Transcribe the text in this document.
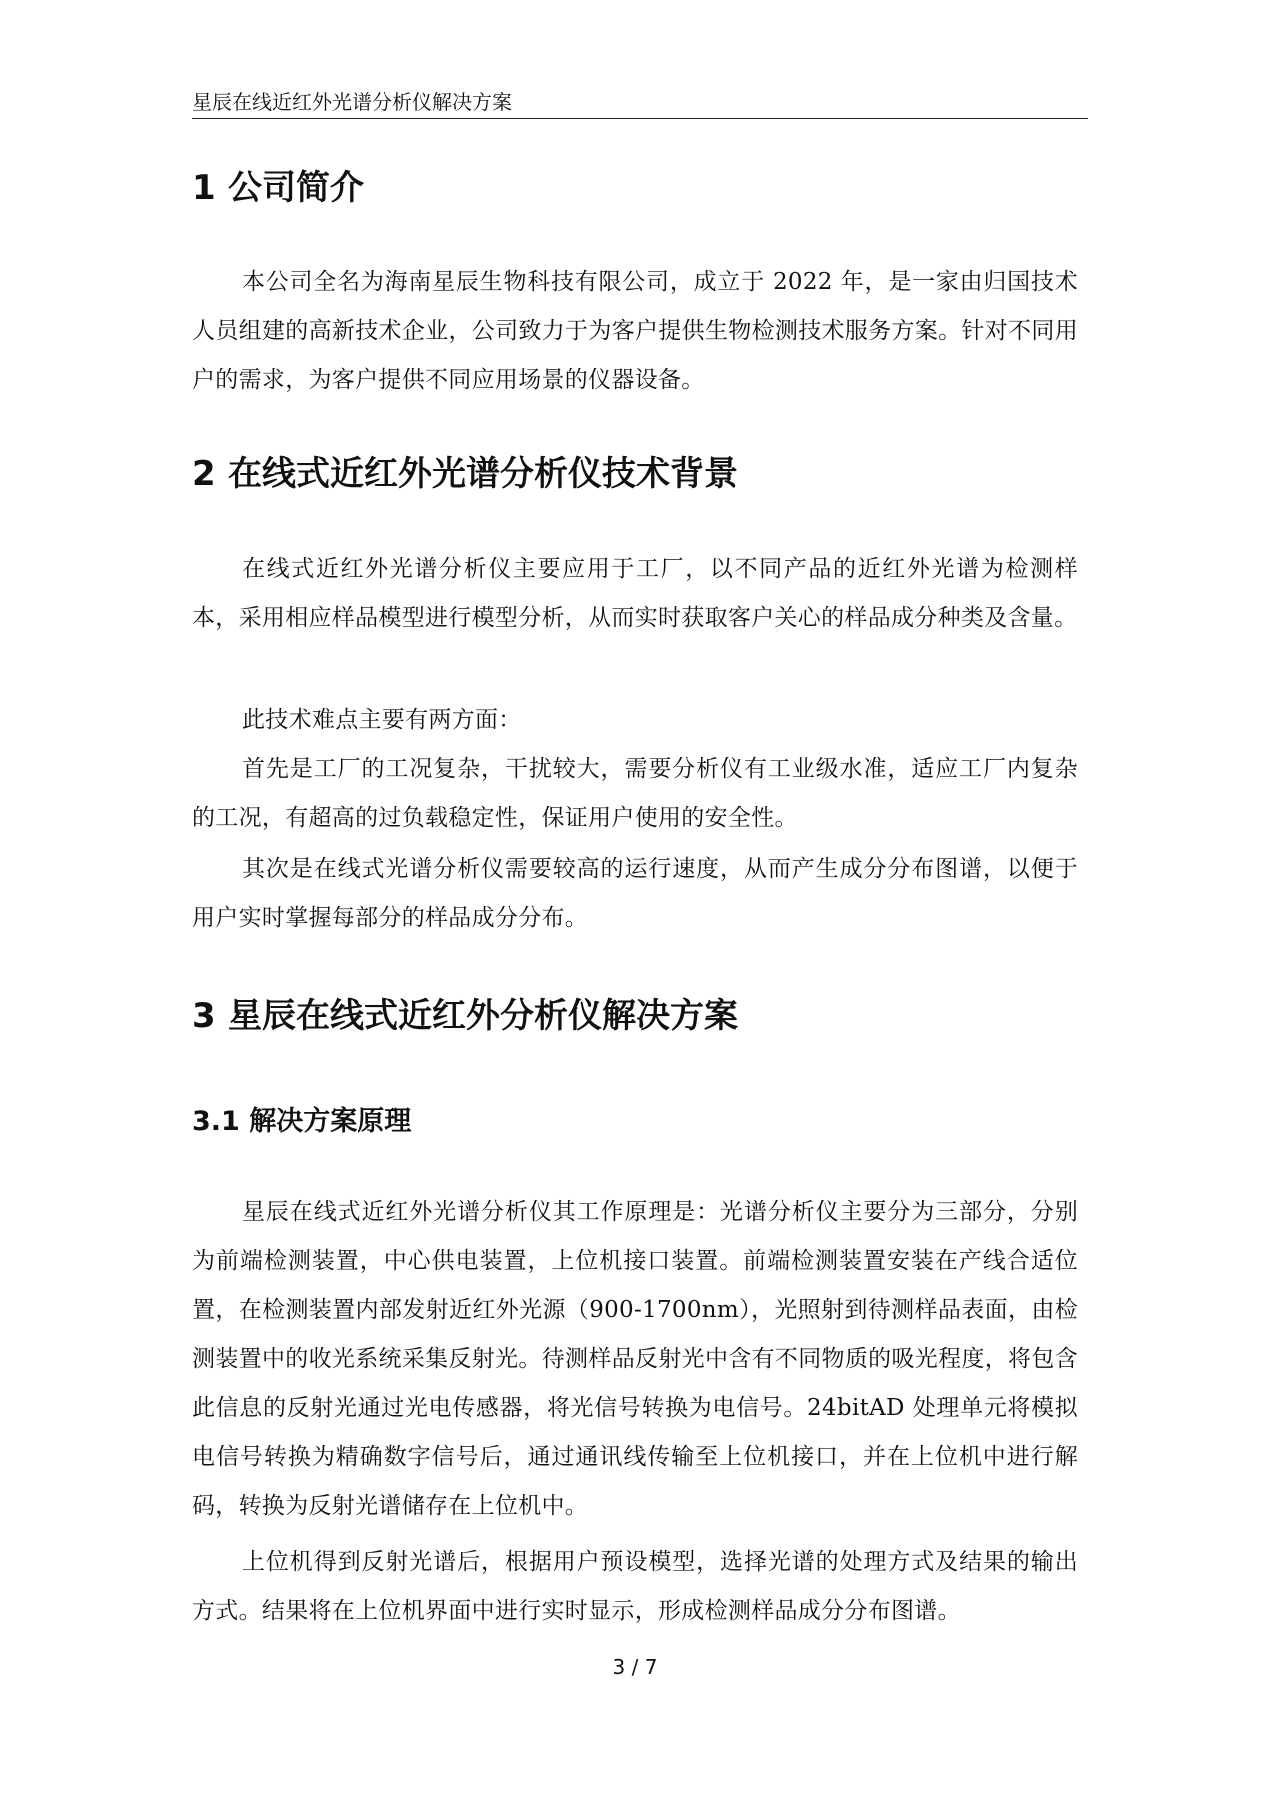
星辰在线近红外光谱分析仪解决方案
1 公司简介

本公司全名为海南星辰生物科技有限公司，成立于 2022 年，是一家由归国技术人员组建的高新技术企业，公司致力于为客户提供生物检测技术服务方案。针对不同用户的需求，为客户提供不同应用场景的仪器设备。

2 在线式近红外光谱分析仪技术背景

在线式近红外光谱分析仪主要应用于工厂，以不同产品的近红外光谱为检测样本，采用相应样品模型进行模型分析，从而实时获取客户关心的样品成分种类及含量。

此技术难点主要有两方面：

首先是工厂的工况复杂，干扰较大，需要分析仪有工业级水准，适应工厂内复杂的工况，有超高的过负载稳定性，保证用户使用的安全性。

其次是在线式光谱分析仪需要较高的运行速度，从而产生成分分布图谱，以便于用户实时掌握每部分的样品成分分布。

3 星辰在线式近红外分析仪解决方案
3.1 解决方案原理

星辰在线式近红外光谱分析仪其工作原理是：光谱分析仪主要分为三部分，分别为前端检测装置，中心供电装置，上位机接口装置。前端检测装置安装在产线合适位置，在检测装置内部发射近红外光源（900-1700nm），光照射到待测样品表面，由检测装置中的收光系统采集反射光。待测样品反射光中含有不同物质的吸光程度，将包含此信息的反射光通过光电传感器，将光信号转换为电信号。24bitAD 处理单元将模拟电信号转换为精确数字信号后，通过通讯线传输至上位机接口，并在上位机中进行解码，转换为反射光谱储存在上位机中。

上位机得到反射光谱后，根据用户预设模型，选择光谱的处理方式及结果的输出方式。结果将在上位机界面中进行实时显示，形成检测样品成分分布图谱。

3 / 7
